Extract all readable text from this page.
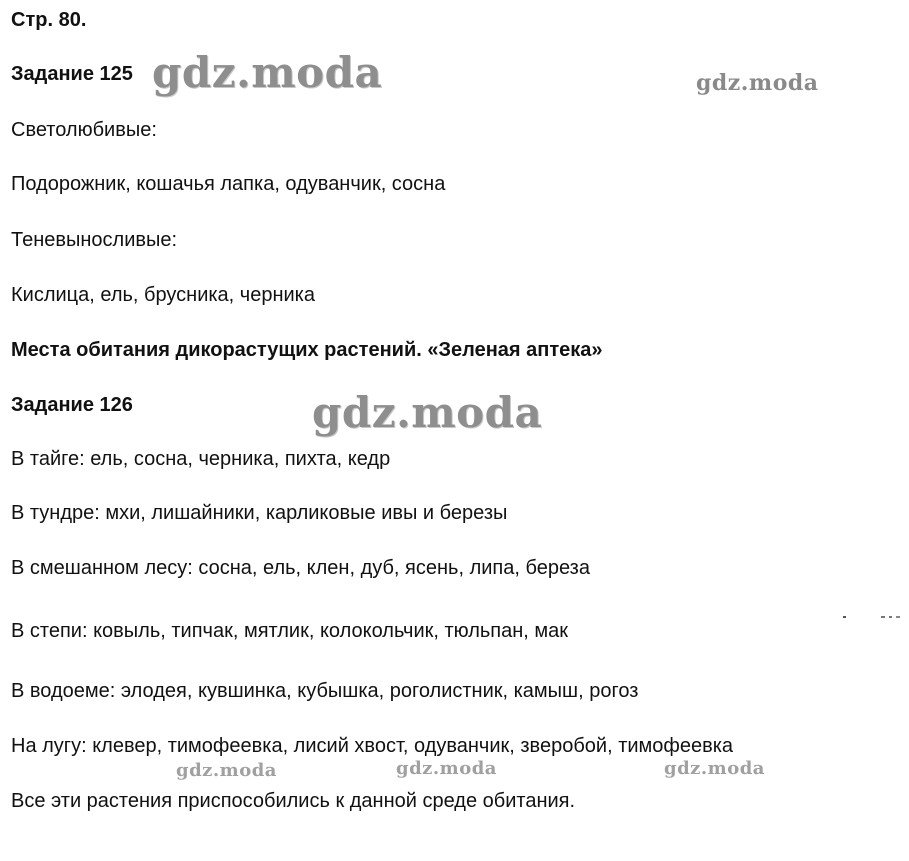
Стр. 80.
Задание 125
Светолюбивые:
Подорожник, кошачья лапка, одуванчик, сосна
Теневыносливые:
Кислица, ель, брусника, черника
Места обитания дикорастущих растений. «Зеленая аптека»
Задание 126
В тайге: ель, сосна, черника, пихта, кедр
В тундре: мхи, лишайники, карликовые ивы и березы
В смешанном лесу: сосна, ель, клен, дуб, ясень, липа, береза
В степи: ковыль, типчак, мятлик, колокольчик, тюльпан, мак
В водоеме: элодея, кувшинка, кубышка, роголистник, камыш, рогоз
На лугу: клевер, тимофеевка, лисий хвост, одуванчик, зверобой, тимофеевка
Все эти растения приспособились к данной среде обитания.
gdz.moda	gdz.moda
gdz.moda
gdz.moda	gdz.moda	gdz.moda
